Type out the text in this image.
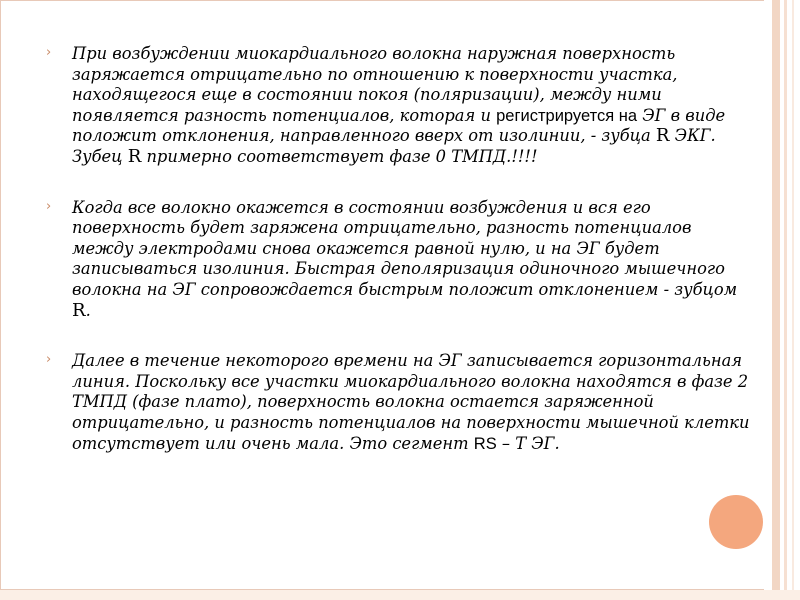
› При возбуждении миокардиального волокна наружная поверхность заряжается отрицательно по отношению к поверхности участка, находящегося еще в состоянии покоя (поляризации), между ними появляется разность потенциалов, которая и регистрируется на ЭГ в виде положит отклонения, направленного вверх от изолинии, - зубца R ЭКГ. Зубец R примерно соответствует фазе 0 ТМПД.!!!!
› Когда все волокно окажется в состоянии возбуждения и вся его поверхность будет заряжена отрицательно, разность потенциалов между электродами снова окажется равной нулю, и на ЭГ будет записываться изолиния. Быстрая деполяризация одиночного мышечного волокна на ЭГ сопровождается быстрым положит отклонением - зубцом R.
› Далее в течение некоторого времени на ЭГ записывается горизонтальная линия. Поскольку все участки миокардиального волокна находятся в фазе 2 ТМПД (фазе плато), поверхность волокна остается заряженной отрицательно, и разность потенциалов на поверхности мышечной клетки отсутствует или очень мала. Это сегмент RS – Т ЭГ.
